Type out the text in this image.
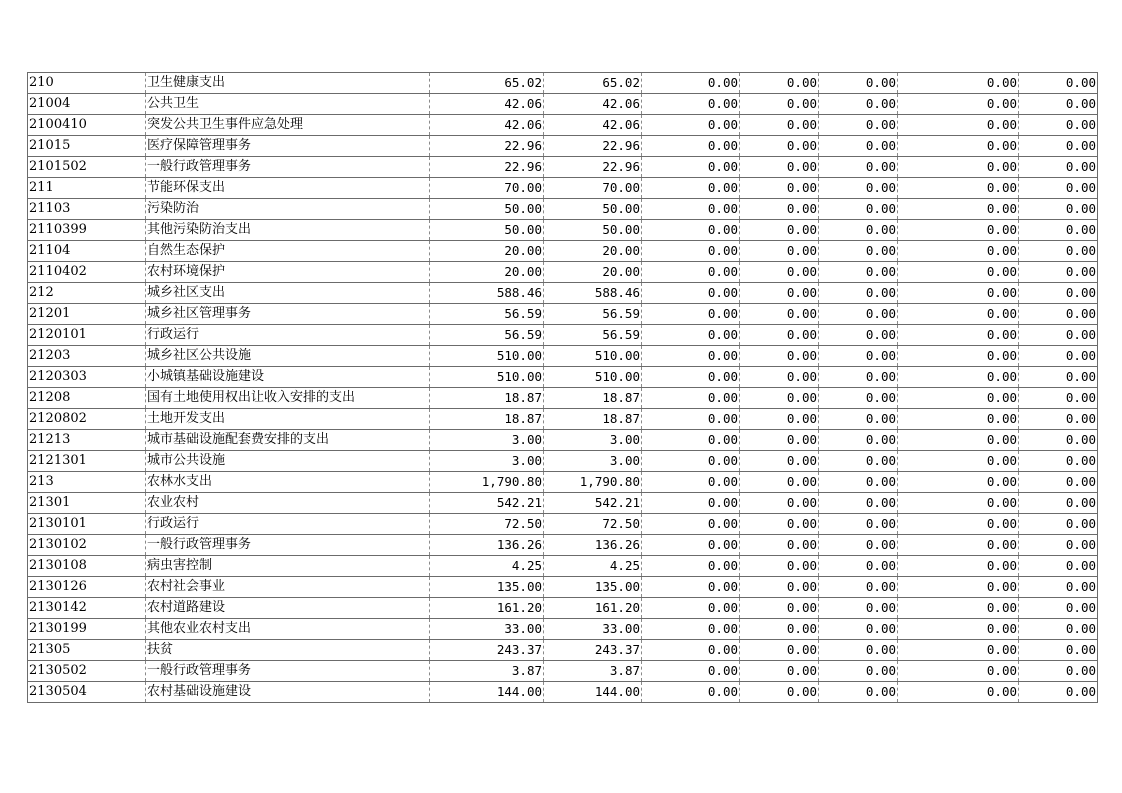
210	卫生健康支出	65.02	65.02	0.00	0.00	0.00	0.00	0.00
21004	公共卫生	42.06	42.06	0.00	0.00	0.00	0.00	0.00
2100410	突发公共卫生事件应急处理	42.06	42.06	0.00	0.00	0.00	0.00	0.00
21015	医疗保障管理事务	22.96	22.96	0.00	0.00	0.00	0.00	0.00
2101502	一般行政管理事务	22.96	22.96	0.00	0.00	0.00	0.00	0.00
211	节能环保支出	70.00	70.00	0.00	0.00	0.00	0.00	0.00
21103	污染防治	50.00	50.00	0.00	0.00	0.00	0.00	0.00
2110399	其他污染防治支出	50.00	50.00	0.00	0.00	0.00	0.00	0.00
21104	自然生态保护	20.00	20.00	0.00	0.00	0.00	0.00	0.00
2110402	农村环境保护	20.00	20.00	0.00	0.00	0.00	0.00	0.00
212	城乡社区支出	588.46	588.46	0.00	0.00	0.00	0.00	0.00
21201	城乡社区管理事务	56.59	56.59	0.00	0.00	0.00	0.00	0.00
2120101	行政运行	56.59	56.59	0.00	0.00	0.00	0.00	0.00
21203	城乡社区公共设施	510.00	510.00	0.00	0.00	0.00	0.00	0.00
2120303	小城镇基础设施建设	510.00	510.00	0.00	0.00	0.00	0.00	0.00
21208	国有土地使用权出让收入安排的支出	18.87	18.87	0.00	0.00	0.00	0.00	0.00
2120802	土地开发支出	18.87	18.87	0.00	0.00	0.00	0.00	0.00
21213	城市基础设施配套费安排的支出	3.00	3.00	0.00	0.00	0.00	0.00	0.00
2121301	城市公共设施	3.00	3.00	0.00	0.00	0.00	0.00	0.00
213	农林水支出	1,790.80	1,790.80	0.00	0.00	0.00	0.00	0.00
21301	农业农村	542.21	542.21	0.00	0.00	0.00	0.00	0.00
2130101	行政运行	72.50	72.50	0.00	0.00	0.00	0.00	0.00
2130102	一般行政管理事务	136.26	136.26	0.00	0.00	0.00	0.00	0.00
2130108	病虫害控制	4.25	4.25	0.00	0.00	0.00	0.00	0.00
2130126	农村社会事业	135.00	135.00	0.00	0.00	0.00	0.00	0.00
2130142	农村道路建设	161.20	161.20	0.00	0.00	0.00	0.00	0.00
2130199	其他农业农村支出	33.00	33.00	0.00	0.00	0.00	0.00	0.00
21305	扶贫	243.37	243.37	0.00	0.00	0.00	0.00	0.00
2130502	一般行政管理事务	3.87	3.87	0.00	0.00	0.00	0.00	0.00
2130504	农村基础设施建设	144.00	144.00	0.00	0.00	0.00	0.00	0.00
